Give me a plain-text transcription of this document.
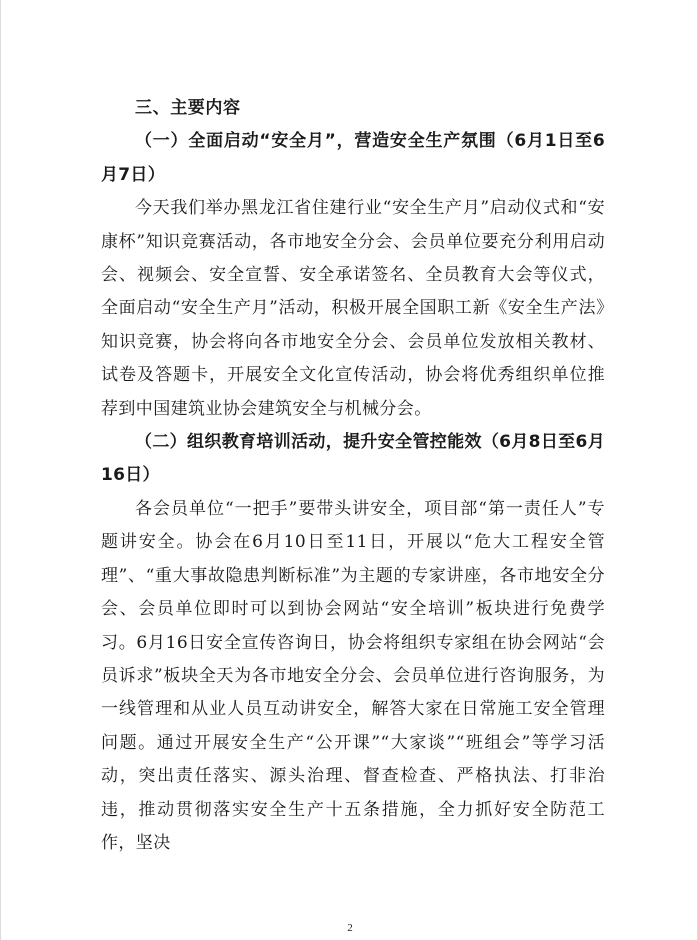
三、主要内容

（一）全面启动“安全月”，营造安全生产氛围（6月1日至6月7日）

今天我们举办黑龙江省住建行业“安全生产月”启动仪式和“安康杯”知识竞赛活动，各市地安全分会、会员单位要充分利用启动会、视频会、安全宣誓、安全承诺签名、全员教育大会等仪式，全面启动“安全生产月”活动，积极开展全国职工新《安全生产法》知识竞赛，协会将向各市地安全分会、会员单位发放相关教材、试卷及答题卡，开展安全文化宣传活动，协会将优秀组织单位推荐到中国建筑业协会建筑安全与机械分会。

（二）组织教育培训活动，提升安全管控能效（6月8日至6月16日）

各会员单位“一把手”要带头讲安全，项目部“第一责任人”专题讲安全。协会在6月10日至11日，开展以“危大工程安全管理”、“重大事故隐患判断标准”为主题的专家讲座，各市地安全分会、会员单位即时可以到协会网站“安全培训”板块进行免费学习。6月16日安全宣传咨询日，协会将组织专家组在协会网站“会员诉求”板块全天为各市地安全分会、会员单位进行咨询服务，为一线管理和从业人员互动讲安全，解答大家在日常施工安全管理问题。通过开展安全生产“公开课”“大家谈”“班组会”等学习活动，突出责任落实、源头治理、督查检查、严格执法、打非治违，推动贯彻落实安全生产十五条措施，全力抓好安全防范工作，坚决

2
